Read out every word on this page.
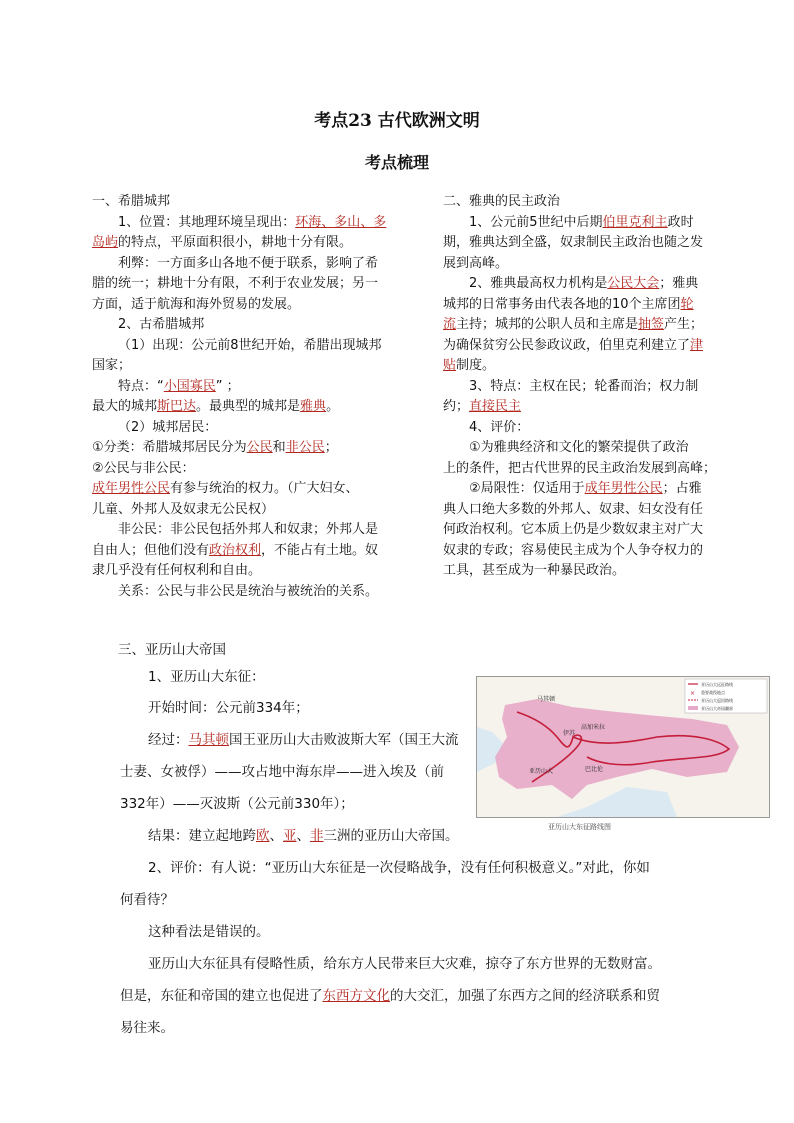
考点23 古代欧洲文明
考点梳理

一、希腊城邦

1、位置：其地理环境呈现出：环海、多山、多

岛屿的特点，平原面积很小，耕地十分有限。

利弊：一方面多山各地不便于联系，影响了希

腊的统一；耕地十分有限，不利于农业发展；另一

方面，适于航海和海外贸易的发展。

2、古希腊城邦

（1）出现：公元前8世纪开始，希腊出现城邦

国家；

特点：“小国寡民” ；

最大的城邦斯巴达。最典型的城邦是雅典。

（2）城邦居民：

①分类：希腊城邦居民分为公民和非公民；

②公民与非公民：

成年男性公民有参与统治的权力。（广大妇女、

儿童、外邦人及奴隶无公民权）

非公民：非公民包括外邦人和奴隶；外邦人是

自由人；但他们没有政治权利，不能占有土地。奴

隶几乎没有任何权利和自由。

关系：公民与非公民是统治与被统治的关系。

二、雅典的民主政治

1、公元前5世纪中后期伯里克利主政时

期，雅典达到全盛，奴隶制民主政治也随之发

展到高峰。

2、雅典最高权力机构是公民大会；雅典

城邦的日常事务由代表各地的10个主席团轮

流主持；城邦的公职人员和主席是抽签产生；

为确保贫穷公民参政议政，伯里克利建立了津

贴制度。

3、特点：主权在民；轮番而治；权力制

约；直接民主

4、评价：

①为雅典经济和文化的繁荣提供了政治

上的条件，把古代世界的民主政治发展到高峰；

②局限性：仅适用于成年男性公民；占雅

典人口绝大多数的外邦人、奴隶、妇女没有任

何政治权利。它本质上仍是少数奴隶主对广大

奴隶的专政；容易使民主成为个人争夺权力的

工具，甚至成为一种暴民政治。

三、亚历山大帝国
1、亚历山大东征：
开始时间：公元前334年；
经过：马其顿国王亚历山大击败波斯大军（国王大流
士妻、女被俘）——攻占地中海东岸——进入埃及（前
332年）——灭波斯（公元前330年）；
结果：建立起地跨欧、亚、非三洲的亚历山大帝国。
2、评价：有人说：“亚历山大东征是一次侵略战争，没有任何积极意义。”对此，你如
何看待？
这种看法是错误的。
亚历山大东征具有侵略性质，给东方人民带来巨大灾难，掠夺了东方世界的无数财富。
但是，东征和帝国的建立也促进了东西方文化的大交汇，加强了东西方之间的经济联系和贸
易往来。
马其顿
伊苏
高加米拉
巴比伦
亚历山大
亚历山大远征路线
重要战役地点
亚历山大返回路线
亚历山大帝国疆界
×
亚历山大东征路线图
